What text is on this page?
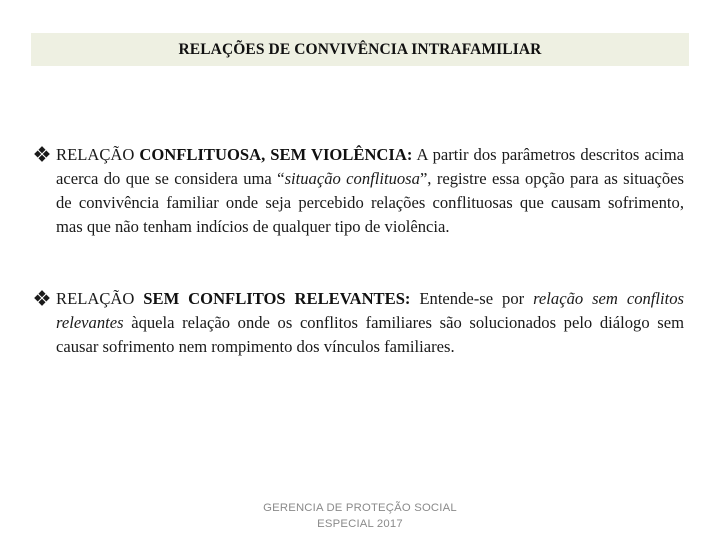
RELAÇÕES DE CONVIVÊNCIA INTRAFAMILIAR

RELAÇÃO CONFLITUOSA, SEM VIOLÊNCIA: A partir dos parâmetros descritos acima acerca do que se considera uma “situação conflituosa”, registre essa opção para as situações de convivência familiar onde seja percebido relações conflituosas que causam sofrimento, mas que não tenham indícios de qualquer tipo de violência.

RELAÇÃO SEM CONFLITOS RELEVANTES: Entende-se por relação sem conflitos relevantes àquela relação onde os conflitos familiares são solucionados pelo diálogo sem causar sofrimento nem rompimento dos vínculos familiares.

GERENCIA DE PROTEÇÃO SOCIAL
ESPECIAL 2017
